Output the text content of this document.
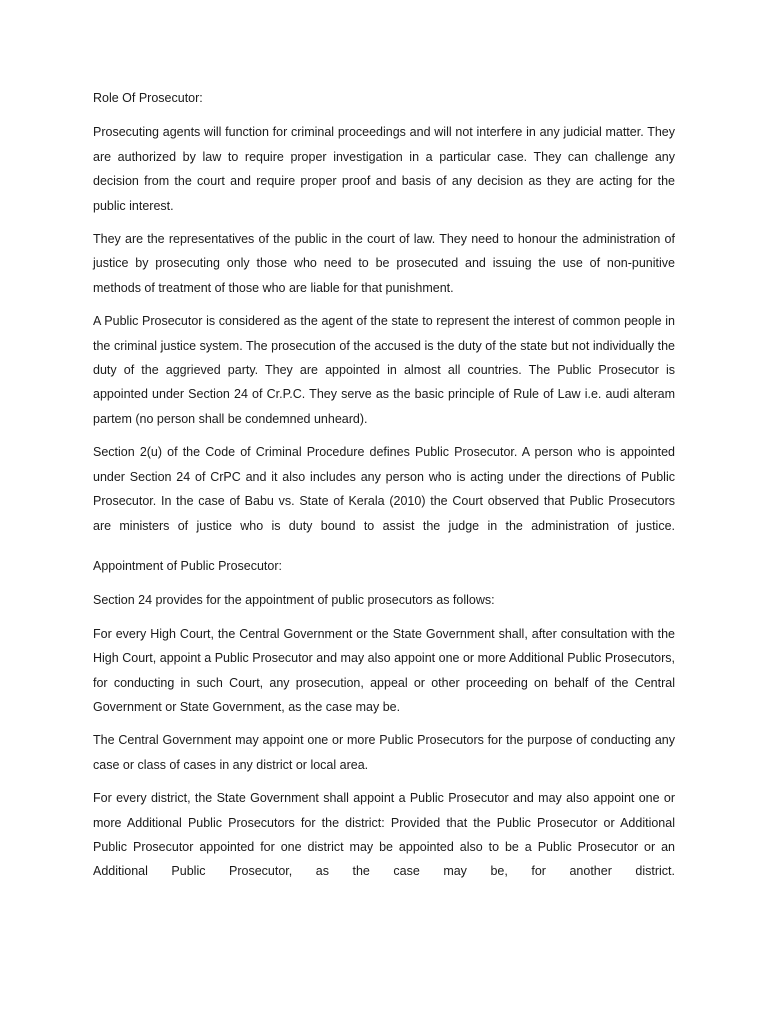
Role Of Prosecutor:

Prosecuting agents will function for criminal proceedings and will not interfere in any judicial matter. They are authorized by law to require proper investigation in a particular case. They can challenge any decision from the court and require proper proof and basis of any decision as they are acting for the public interest.

They are the representatives of the public in the court of law. They need to honour the administration of justice by prosecuting only those who need to be prosecuted and issuing the use of non-punitive methods of treatment of those who are liable for that punishment.

A Public Prosecutor is considered as the agent of the state to represent the interest of common people in the criminal justice system. The prosecution of the accused is the duty of the state but not individually the duty of the aggrieved party. They are appointed in almost all countries. The Public Prosecutor is appointed under Section 24 of Cr.P.C. They serve as the basic principle of Rule of Law i.e. audi alteram partem (no person shall be condemned unheard).

Section 2(u) of the Code of Criminal Procedure defines Public Prosecutor. A person who is appointed under Section 24 of CrPC and it also includes any person who is acting under the directions of Public Prosecutor. In the case of Babu vs. State of Kerala (2010) the Court observed that Public Prosecutors are ministers of justice who is duty bound to assist the judge in the administration of justice.

Appointment of Public Prosecutor:

Section 24 provides for the appointment of public prosecutors as follows:

For every High Court, the Central Government or the State Government shall, after consultation with the High Court, appoint a Public Prosecutor and may also appoint one or more Additional Public Prosecutors, for conducting in such Court, any prosecution, appeal or other proceeding on behalf of the Central Government or State Government, as the case may be.

The Central Government may appoint one or more Public Prosecutors for the purpose of conducting any case or class of cases in any district or local area.

For every district, the State Government shall appoint a Public Prosecutor and may also appoint one or more Additional Public Prosecutors for the district: Provided that the Public Prosecutor or Additional Public Prosecutor appointed for one district may be appointed also to be a Public Prosecutor or an Additional Public Prosecutor, as the case may be, for another district.
